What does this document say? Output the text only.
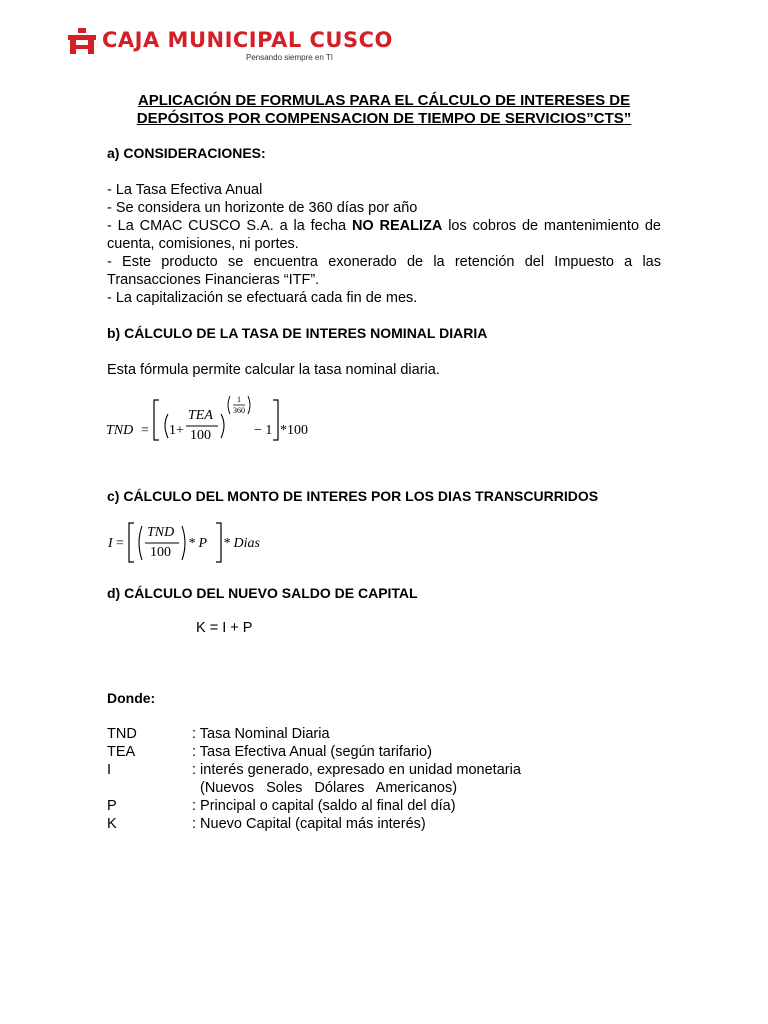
CAJA MUNICIPAL CUSCO
Pensando siempre en TI
APLICACIÓN DE FORMULAS PARA EL CÁLCULO DE INTERESES DE
DEPÓSITOS POR COMPENSACION DE TIEMPO DE SERVICIOS”CTS”
a) CONSIDERACIONES:
- La Tasa Efectiva Anual
- Se considera un horizonte de 360 días por año
- La CMAC CUSCO S.A. a la fecha NO REALIZA los cobros de mantenimiento de
cuenta, comisiones, ni portes.
- Este producto se encuentra exonerado de la retención del Impuesto a las
Transacciones Financieras “ITF”.
- La capitalización se efectuará cada fin de mes.
b) CÁLCULO DE LA TASA DE INTERES NOMINAL DIARIA
Esta fórmula permite calcular la tasa nominal diaria.
TND = 1 +
TEA
100
1
360
− 1 *100
c) CÁLCULO DEL MONTO DE INTERES POR LOS DIAS TRANSCURRIDOS
I =
TND
100
* P * Dias
d) CÁLCULO DEL NUEVO SALDO DE CAPITAL
K = I + P
Donde:
TND	: Tasa Nominal Diaria
TEA	: Tasa Efectiva Anual (según tarifario)
I	: interés generado, expresado en unidad monetaria
(Nuevos   Soles   Dólares   Americanos)
P	: Principal o capital (saldo al final del día)
K	: Nuevo Capital (capital más interés)
